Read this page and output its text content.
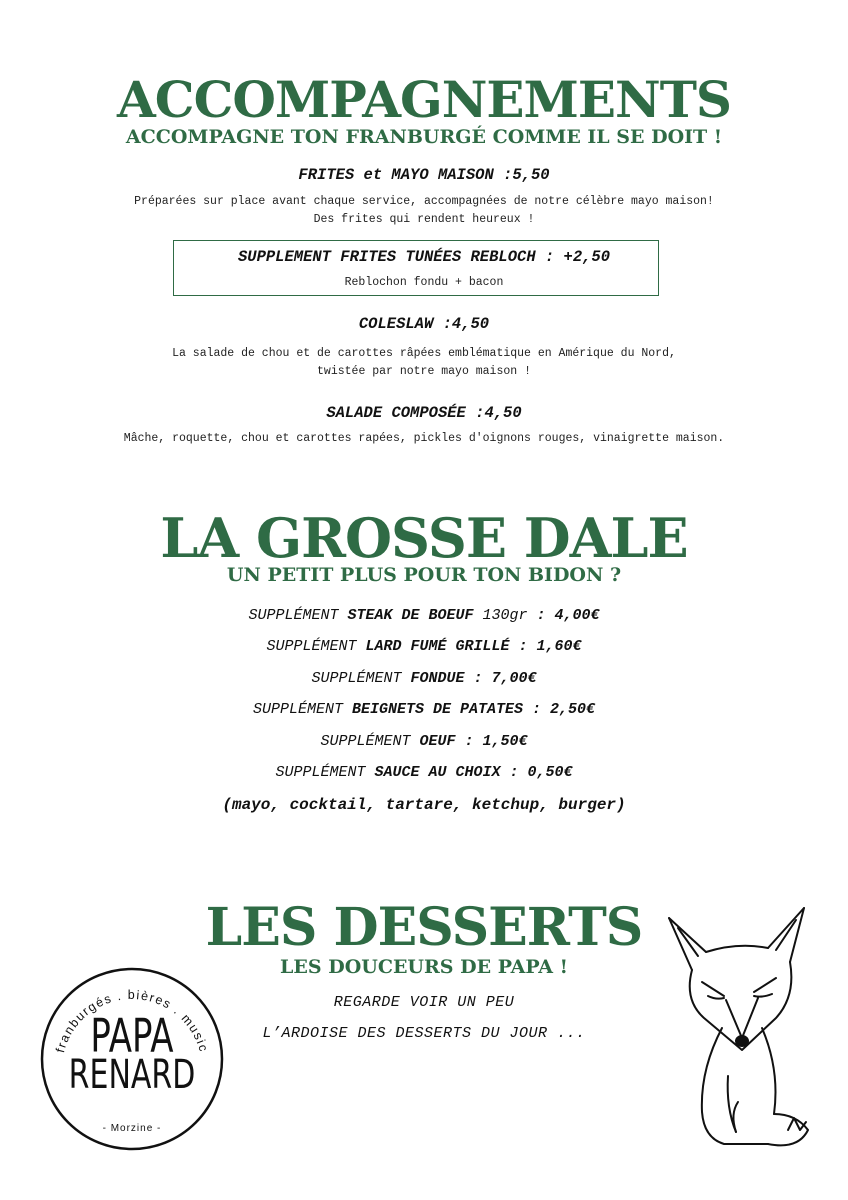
ACCOMPAGNEMENTS
ACCOMPAGNE TON FRANBURGÉ COMME IL SE DOIT !
FRITES et MAYO MAISON :5,50
Préparées sur place avant chaque service, accompagnées de notre célèbre mayo maison!
Des frites qui rendent heureux !
SUPPLEMENT FRITES TUNÉES REBLOCH : +2,50
Reblochon fondu + bacon
COLESLAW :4,50
La salade de chou et de carottes râpées emblématique en Amérique du Nord,
twistée par notre mayo maison !
SALADE COMPOSÉE :4,50
Mâche, roquette, chou et carottes rapées, pickles d'oignons rouges, vinaigrette maison.
LA GROSSE DALE
UN PETIT PLUS POUR TON BIDON ?
SUPPLÉMENT STEAK DE BOEUF 130gr : 4,00€
SUPPLÉMENT LARD FUMÉ GRILLÉ : 1,60€
SUPPLÉMENT FONDUE : 7,00€
SUPPLÉMENT BEIGNETS DE PATATES : 2,50€
SUPPLÉMENT OEUF : 1,50€
SUPPLÉMENT SAUCE AU CHOIX : 0,50€
(mayo, cocktail, tartare, ketchup, burger)
LES DESSERTS
LES DOUCEURS DE PAPA !
REGARDE VOIR UN PEU
L’ARDOISE DES DESSERTS DU JOUR ...
franburgés . bières . music
PAPA
RENARD
- Morzine -
